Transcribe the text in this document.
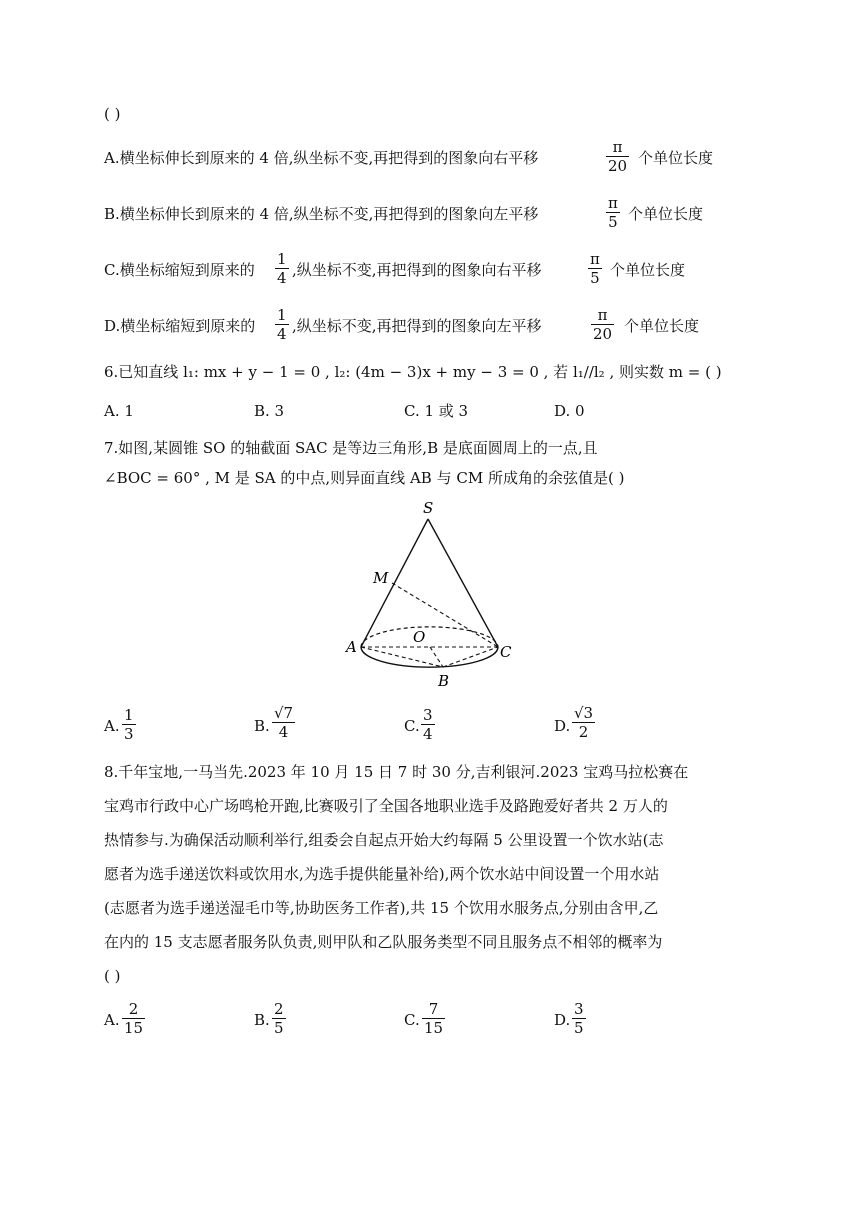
( )
A.横坐标伸长到原来的 4 倍,纵坐标不变,再把得到的图象向右平移	$\frac{\pi}{20}$ 个单位长度
B.横坐标伸长到原来的 4 倍,纵坐标不变,再把得到的图象向左平移	$\frac{\pi}{5}$ 个单位长度
C.横坐标缩短到原来的 $\frac{1}{4}$ ,纵坐标不变,再把得到的图象向右平移	$\frac{\pi}{5}$ 个单位长度
D.横坐标缩短到原来的 $\frac{1}{4}$ ,纵坐标不变,再把得到的图象向左平移	$\frac{\pi}{20}$ 个单位长度
6.已知直线 l₁: mx + y − 1 = 0 , l₂: (4m − 3)x + my − 3 = 0 , 若 l₁//l₂ , 则实数 m = ( )
A. 1	B. 3	C. 1 或 3	D. 0
7.如图,某圆锥 SO 的轴截面 SAC 是等边三角形,B 是底面圆周上的一点,且
∠BOC = 60° , M 是 SA 的中点,则异面直线 AB 与 CM 所成角的余弦值是( )
S
M
A
O
C
B
A. $\frac{1}{3}$	B. $\frac{√7}{4}$	C. $\frac{3}{4}$	D. $\frac{√3}{2}$
8.千年宝地,一马当先.2023 年 10 月 15 日 7 时 30 分,吉利银河.2023 宝鸡马拉松赛在
宝鸡市行政中心广场鸣枪开跑,比赛吸引了全国各地职业选手及路跑爱好者共 2 万人的
热情参与.为确保活动顺利举行,组委会自起点开始大约每隔 5 公里设置一个饮水站(志
愿者为选手递送饮料或饮用水,为选手提供能量补给),两个饮水站中间设置一个用水站
(志愿者为选手递送湿毛巾等,协助医务工作者),共 15 个饮用水服务点,分别由含甲,乙
在内的 15 支志愿者服务队负责,则甲队和乙队服务类型不同且服务点不相邻的概率为
( )
A. $\frac{2}{15}$	B. $\frac{2}{5}$	C. $\frac{7}{15}$	D. $\frac{3}{5}$
